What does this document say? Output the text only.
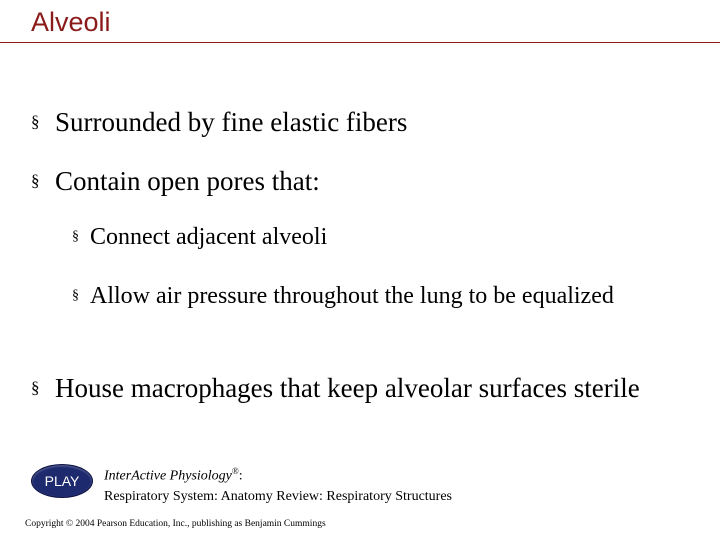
Alveoli
§ Surrounded by fine elastic fibers
§ Contain open pores that:
§ Connect adjacent alveoli
§ Allow air pressure throughout the lung to be equalized
§ House macrophages that keep alveolar surfaces sterile
PLAY	InterActive Physiology®:
Respiratory System: Anatomy Review: Respiratory Structures
Copyright © 2004 Pearson Education, Inc., publishing as Benjamin Cummings
